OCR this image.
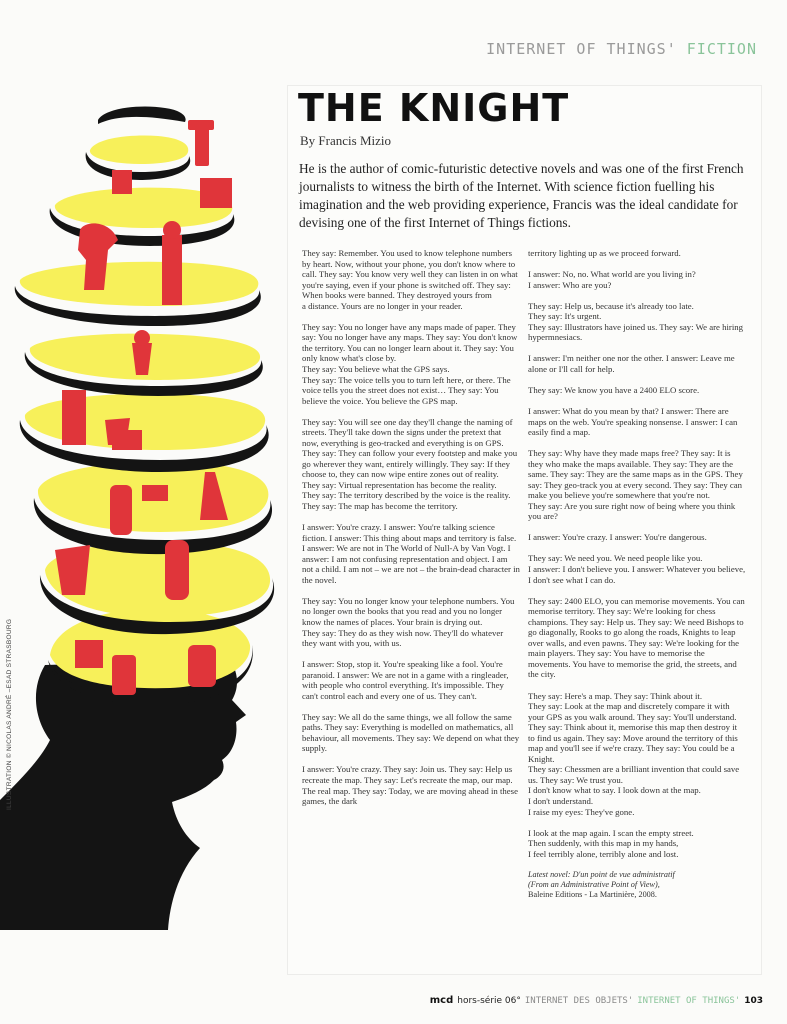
INTERNET OF THINGS'
FICTION
ILLUSTRATION © NICOLAS ANDRÉ –ESAD STRASBOURG
THE KNIGHT

By Francis Mizio

He is the author of comic-futuristic detective novels and was one of the first French journalists to witness the birth of the Internet. With science fiction fuelling his imagination and the web providing experience, Francis was the ideal candidate for devising one of the first Internet of Things fictions.

They say: Remember. You used to know telephone numbers by heart. Now, without your phone, you don't know where to call. They say: You know very well they can listen in on what you're saying, even if your phone is switched off. They say: When books were banned. They destroyed yours from
a distance. Yours are no longer in your reader.

They say: You no longer have any maps made of paper. They say: You no longer have any maps. They say: You don't know the territory. You can no longer learn about it. They say: You only know what's close by.
They say: You believe what the GPS says.
They say: The voice tells you to turn left here, or there. The voice tells you the street does not exist… They say: You believe the voice. You believe the GPS map.

They say: You will see one day they'll change the naming of streets. They'll take down the signs under the pretext that now, everything is geo-tracked and everything is on GPS. They say: They can follow your every footstep and make you go wherever they want, entirely willingly. They say: If they choose to, they can now wipe entire zones out of reality.
They say: Virtual representation has become the reality.
They say: The territory described by the voice is the reality.
They say: The map has become the territory.

I answer: You're crazy. I answer: You're talking science fiction. I answer: This thing about maps and territory is false. I answer: We are not in The World of Null-A by Van Vogt. I answer: I am not confusing representation and object. I am not a child. I am not – we are not – the brain-dead character in the novel.

They say: You no longer know your telephone numbers. You no longer own the books that you read and you no longer know the names of places. Your brain is drying out.
They say: They do as they wish now. They'll do whatever they want with you, with us.

I answer: Stop, stop it. You're speaking like a fool. You're paranoid. I answer: We are not in a game with a ringleader, with people who control everything. It's impossible. They can't control each and every one of us. They can't.

They say: We all do the same things, we all follow the same paths. They say: Everything is modelled on mathematics, all behaviour, all movements. They say: We depend on what they supply.

I answer: You're crazy. They say: Join us. They say: Help us recreate the map. They say: Let's recreate the map, our map. The real map. They say: Today, we are moving ahead in these games, the dark

territory lighting up as we proceed forward.

I answer: No, no. What world are you living in?
I answer: Who are you?

They say: Help us, because it's already too late.
They say: It's urgent.
They say: Illustrators have joined us. They say: We are hiring hypermnesiacs.

I answer: I'm neither one nor the other. I answer: Leave me alone or I'll call for help.

They say: We know you have a 2400 ELO score.

I answer: What do you mean by that? I answer: There are maps on the web. You're speaking nonsense. I answer: I can easily find a map.

They say: Why have they made maps free? They say: It is they who make the maps available. They say: They are the same. They say: They are the same maps as in the GPS. They say: They geo-track you at every second. They say: They can make you believe you're somewhere that you're not.
They say: Are you sure right now of being where you think you are?

I answer: You're crazy. I answer: You're dangerous.

They say: We need you. We need people like you.
I answer: I don't believe you. I answer: Whatever you believe, I don't see what I can do.

They say: 2400 ELO, you can memorise movements. You can memorise territory. They say: We're looking for chess champions. They say: Help us. They say: We need Bishops to go diagonally, Rooks to go along the roads, Knights to leap over walls, and even pawns. They say: We're looking for the main players. They say: You have to memorise the movements. You have to memorise the grid, the streets, and the city.

They say: Here's a map. They say: Think about it.
They say: Look at the map and discretely compare it with your GPS as you walk around. They say: You'll understand. They say: Think about it, memorise this map then destroy it to find us again. They say: Move around the territory of this map and you'll see if we're crazy. They say: You could be a Knight.
They say: Chessmen are a brilliant invention that could save us. They say: We trust you.
I don't know what to say. I look down at the map.
I don't understand.
I raise my eyes: They've gone.

I look at the map again. I scan the empty street.
Then suddenly, with this map in my hands,
I feel terribly alone, terribly alone and lost.

Latest novel: D'un point de vue administratif
(From an Administrative Point of View),
Baleine Editions - La Martinière, 2008.
mcd hors-série 06° INTERNET DES OBJETS' INTERNET OF THINGS' 103
